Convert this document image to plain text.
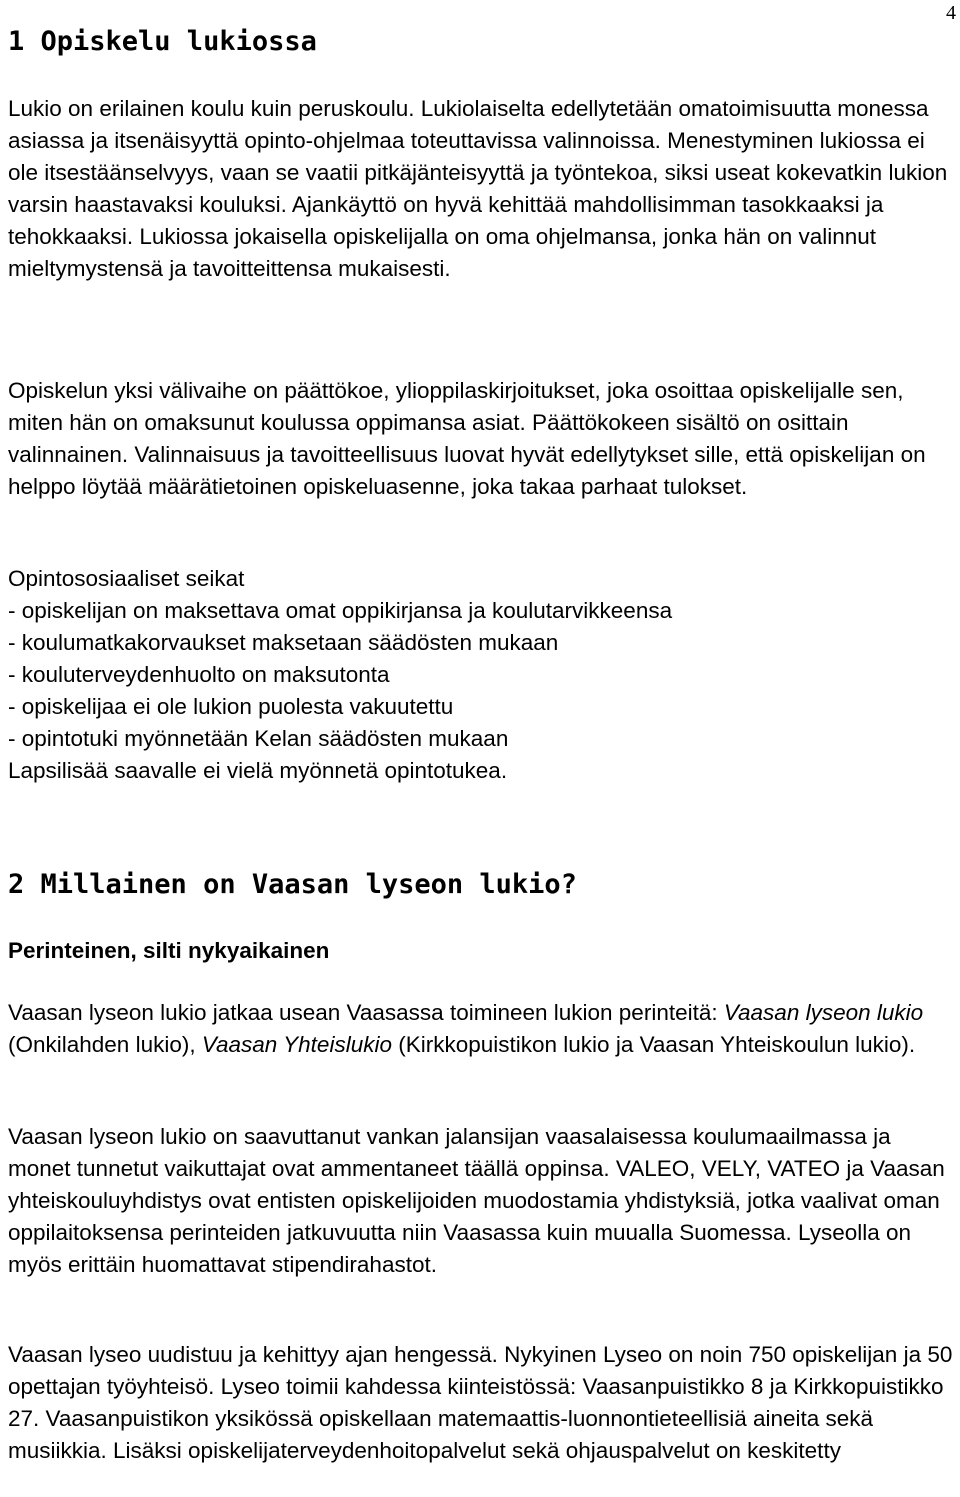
4
1 Opiskelu lukiossa

Lukio on erilainen koulu kuin peruskoulu. Lukiolaiselta edellytetään omatoimisuutta monessa asiassa ja itsenäisyyttä opinto-ohjelmaa toteuttavissa valinnoissa. Menestyminen lukiossa ei ole itsestäänselvyys, vaan se vaatii pitkäjänteisyyttä ja työntekoa, siksi useat kokevatkin lukion varsin haastavaksi kouluksi. Ajankäyttö on hyvä kehittää mahdollisimman tasokkaaksi ja tehokkaaksi. Lukiossa jokaisella opiskelijalla on oma ohjelmansa, jonka hän on valinnut mieltymystensä ja tavoitteittensa mukaisesti.

Opiskelun yksi välivaihe on päättökoe, ylioppilaskirjoitukset, joka osoittaa opiskelijalle sen, miten hän on omaksunut koulussa oppimansa asiat. Päättökokeen sisältö on osittain valinnainen. Valinnaisuus ja tavoitteellisuus luovat hyvät edellytykset sille, että opiskelijan on helppo löytää määrätietoinen opiskeluasenne, joka takaa parhaat tulokset.

Opintososiaaliset seikat
- opiskelijan on maksettava omat oppikirjansa ja koulutarvikkeensa
- koulumatkakorvaukset maksetaan säädösten mukaan
- kouluterveydenhuolto on maksutonta
- opiskelijaa ei ole lukion puolesta vakuutettu
- opintotuki myönnetään Kelan säädösten mukaan
Lapsilisää saavalle ei vielä myönnetä opintotukea.
2 Millainen on Vaasan lyseon lukio?

Perinteinen, silti nykyaikainen

Vaasan lyseon lukio jatkaa usean Vaasassa toimineen lukion perinteitä: Vaasan lyseon lukio (Onkilahden lukio), Vaasan Yhteislukio (Kirkkopuistikon lukio ja Vaasan Yhteiskoulun lukio).

Vaasan lyseon lukio on saavuttanut vankan jalansijan vaasalaisessa koulumaailmassa ja monet tunnetut vaikuttajat ovat ammentaneet täällä oppinsa. VALEO, VELY, VATEO ja Vaasan yhteiskouluyhdistys ovat entisten opiskelijoiden muodostamia yhdistyksiä, jotka vaalivat oman oppilaitoksensa perinteiden jatkuvuutta niin Vaasassa kuin muualla Suomessa. Lyseolla on myös erittäin huomattavat stipendirahastot.

Vaasan lyseo uudistuu ja kehittyy ajan hengessä. Nykyinen Lyseo on noin 750 opiskelijan ja 50 opettajan työyhteisö. Lyseo toimii kahdessa kiinteistössä: Vaasanpuistikko 8 ja Kirkkopuistikko 27. Vaasanpuistikon yksikössä opiskellaan matemaattis-luonnontieteellisiä aineita sekä musiikkia. Lisäksi opiskelijaterveydenhoitopalvelut sekä ohjauspalvelut on keskitetty
